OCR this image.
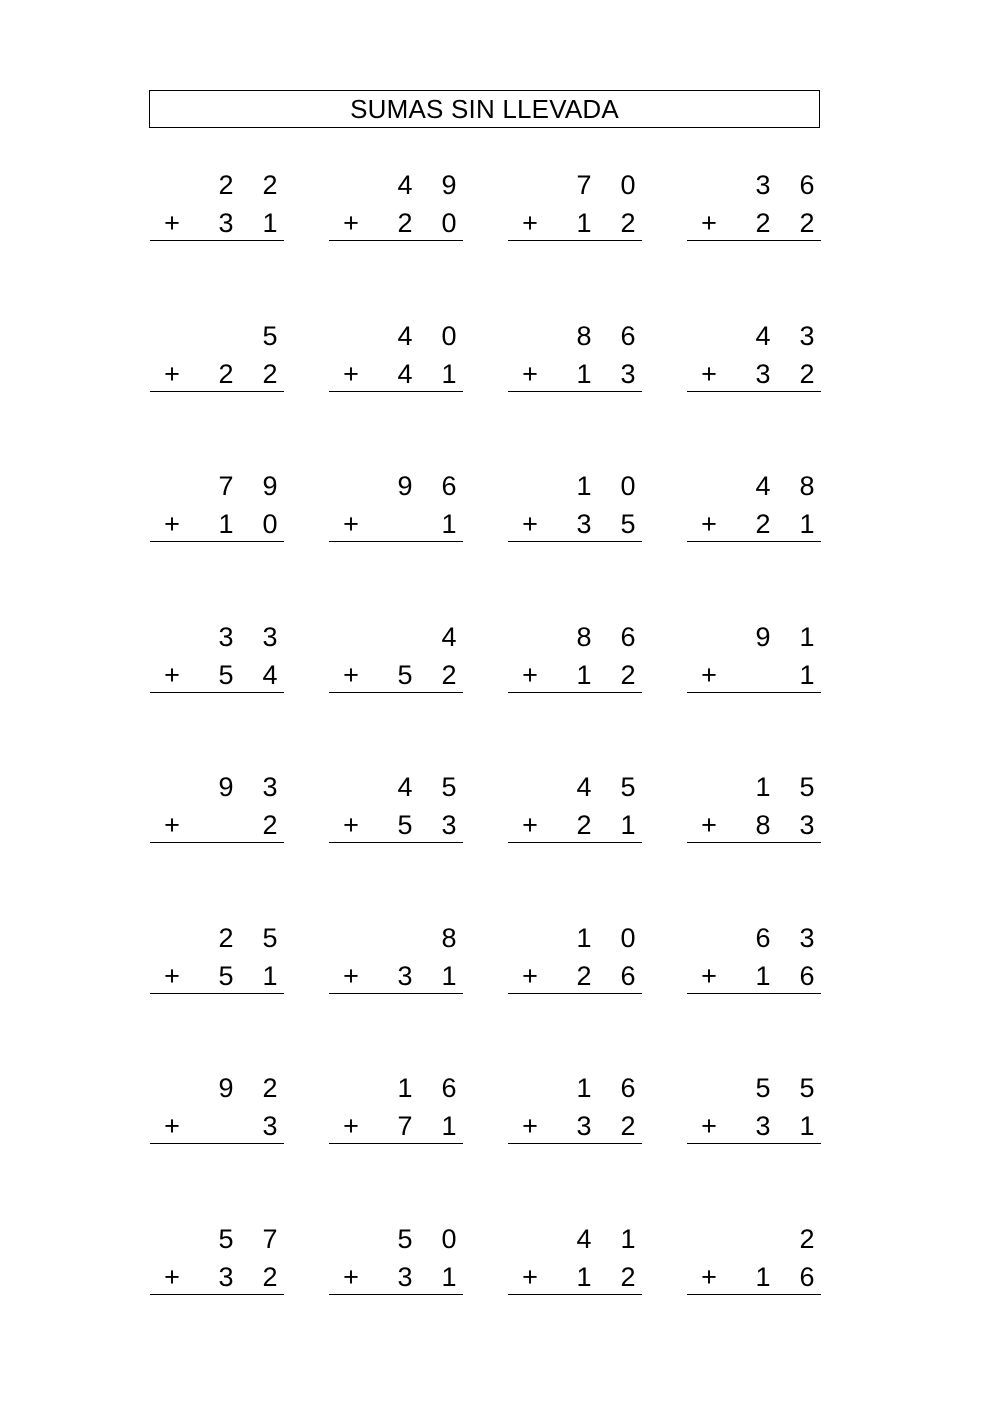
SUMAS SIN LLEVADA
2 2
+ 3 1
4 9
+ 2 0
7 0
+ 1 2
3 6
+ 2 2
5
+ 2 2
4 0
+ 4 1
8 6
+ 1 3
4 3
+ 3 2
7 9
+ 1 0
9 6
+	1
1 0
+ 3 5
4 8
+ 2 1
3 3
+ 5 4
4
+ 5 2
8 6
+ 1 2
9 1
+	1
9 3
+	2
4 5
+ 5 3
4 5
+ 2 1
1 5
+ 8 3
2 5
+ 5 1
8
+ 3 1
1 0
+ 2 6
6 3
+ 1 6
9 2
+	3
1 6
+ 7 1
1 6
+ 3 2
5 5
+ 3 1
5 7
+ 3 2
5 0
+ 3 1
4 1
+ 1 2
2
+ 1 6
